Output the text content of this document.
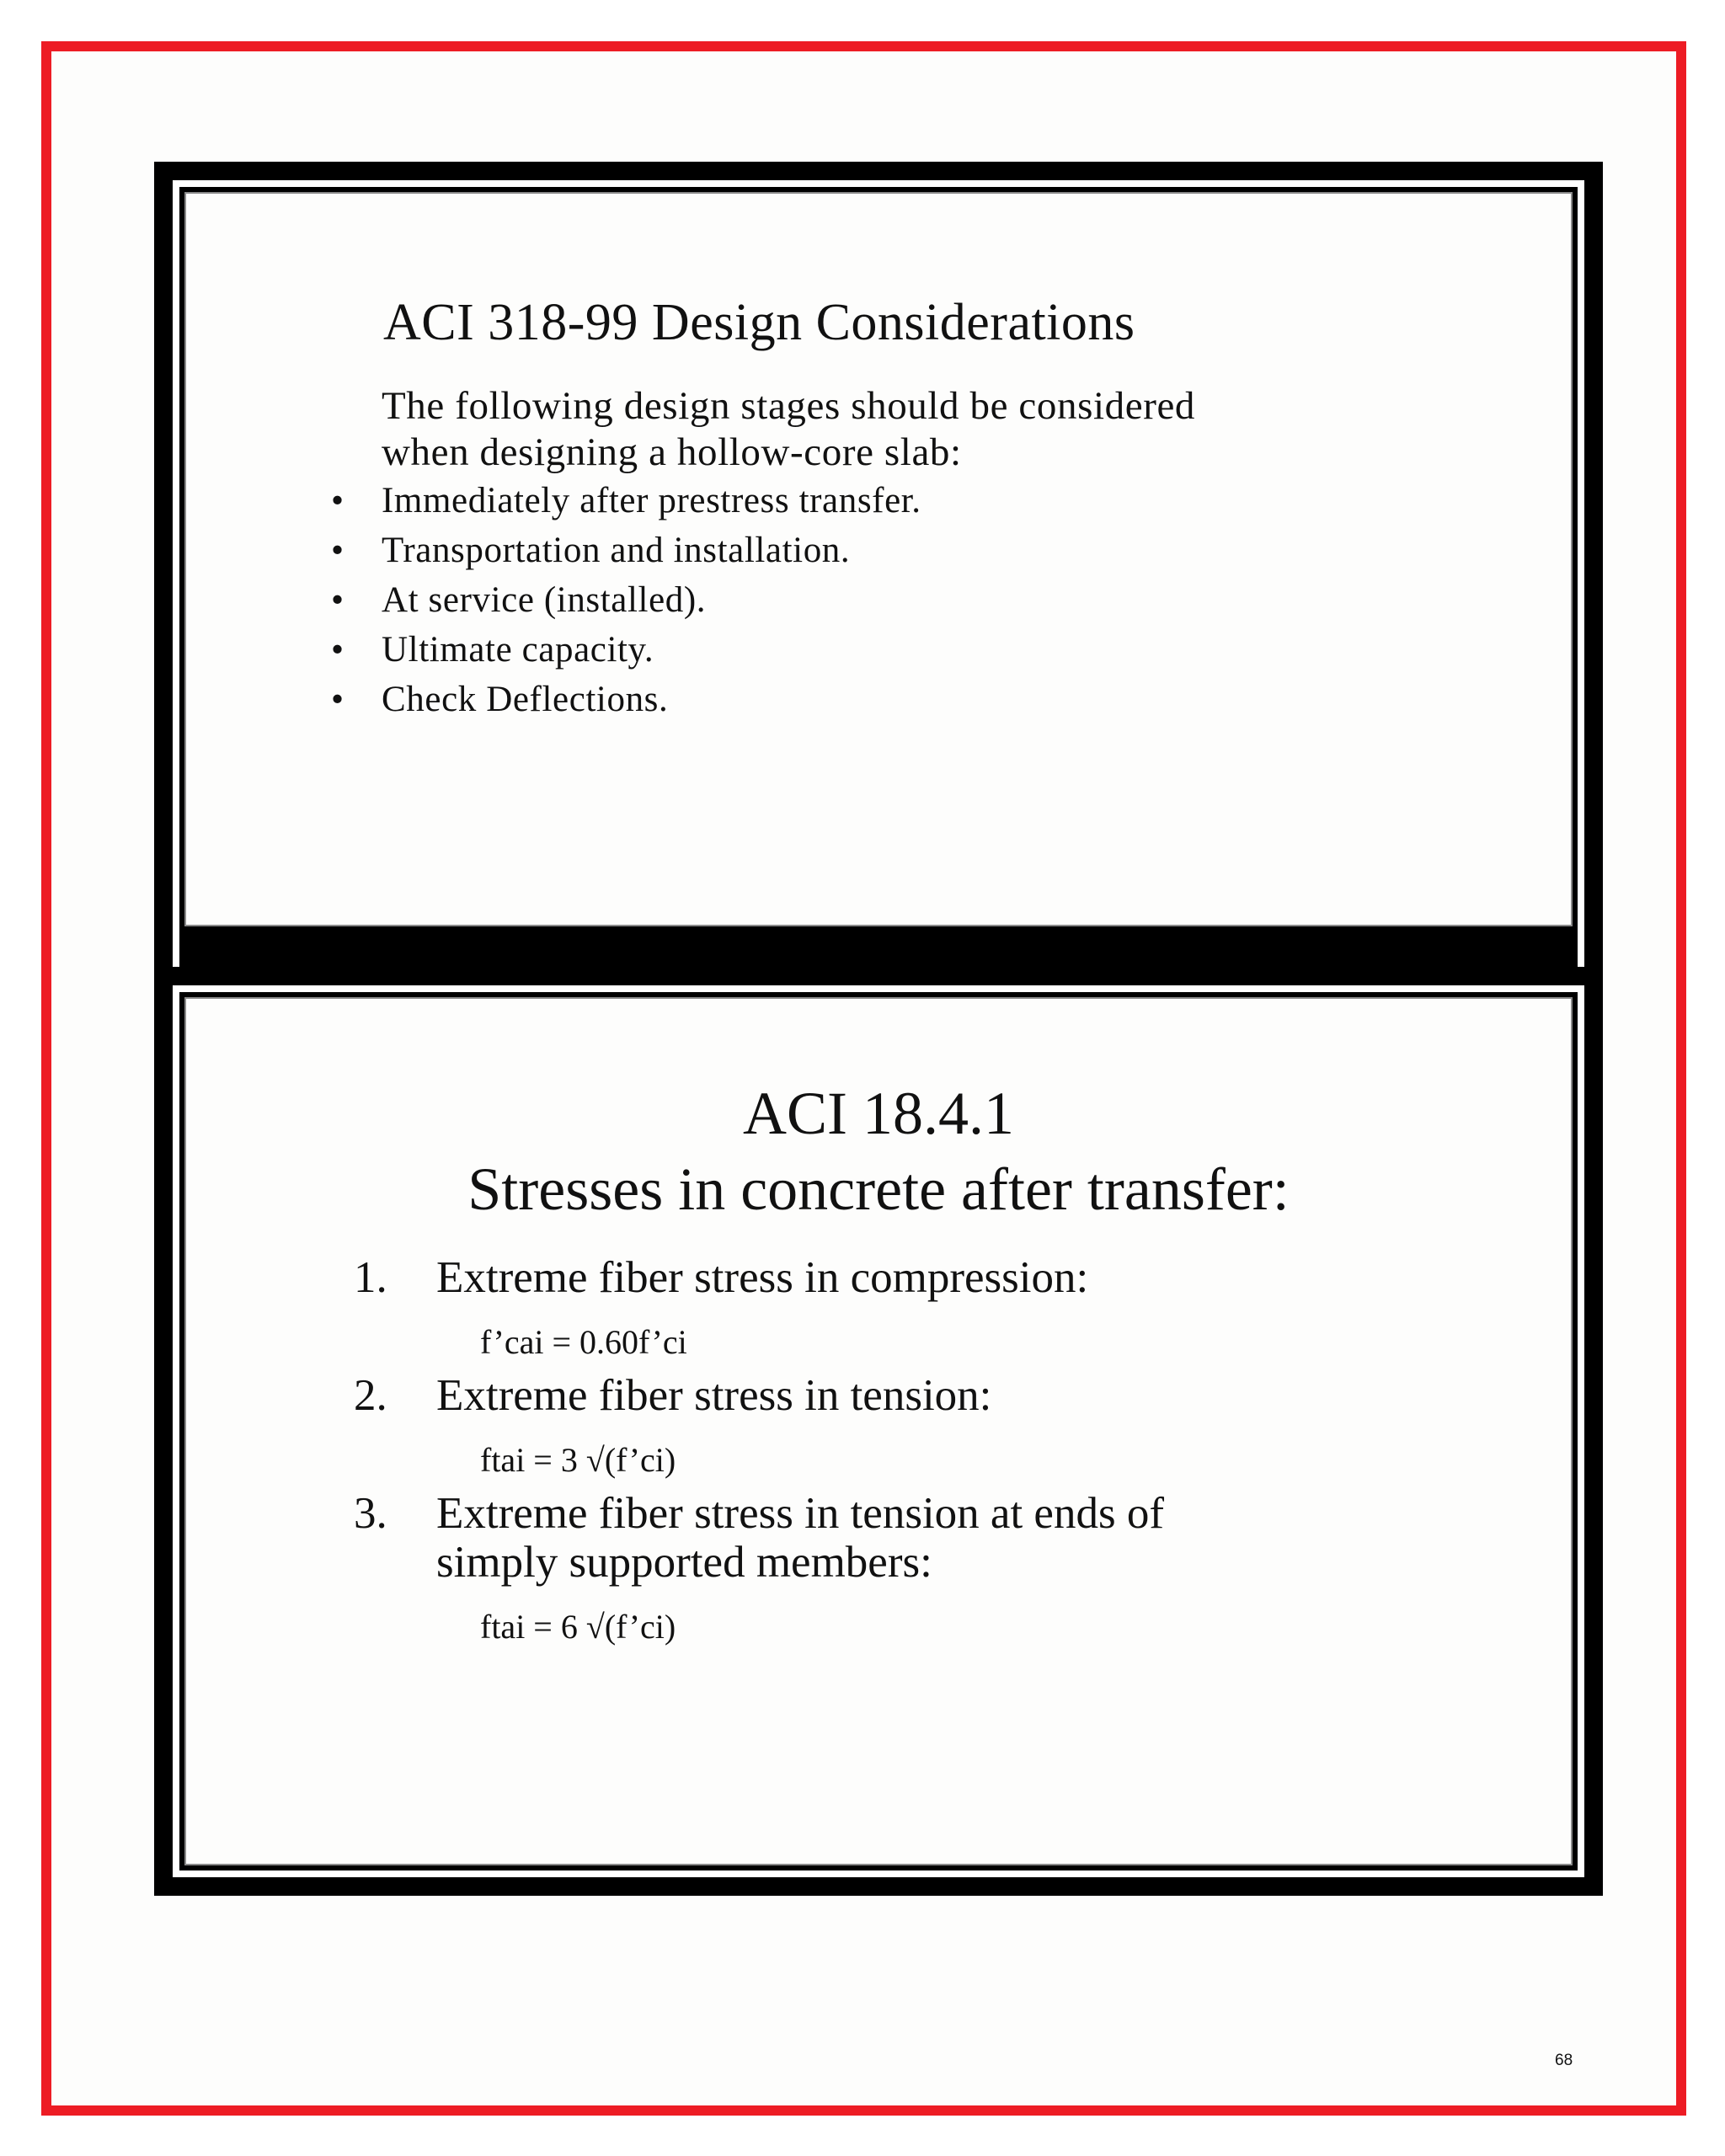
ACI 318-99 Design Considerations
The following design stages should be considered
when designing a hollow-core slab:
•	Immediately after prestress transfer.
•	Transportation and installation.
•	At service (installed).
•	Ultimate capacity.
•	Check Deflections.
ACI 18.4.1
Stresses in concrete after transfer:
1. Extreme fiber stress in compression:
f’cai = 0.60f’ci
2. Extreme fiber stress in tension:
ftai = 3 √(f’ci)
3. Extreme fiber stress in tension at ends of
simply supported members:
ftai = 6 √(f’ci)
68
